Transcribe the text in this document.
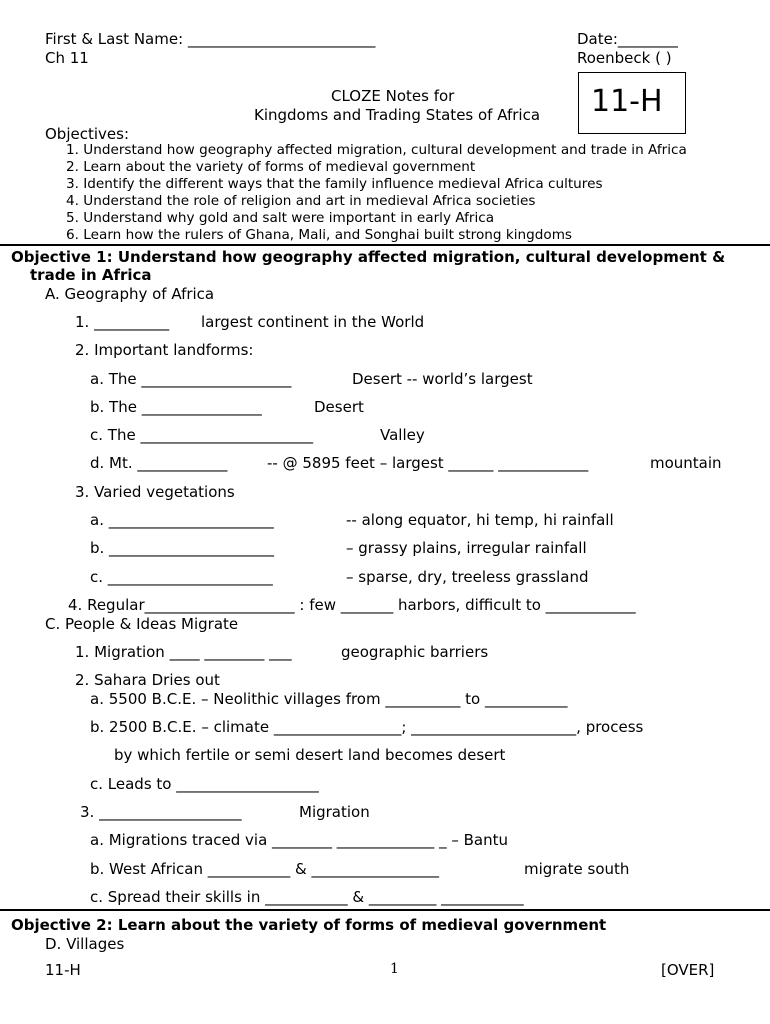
First & Last Name: _________________________	Date:________
Ch 11	Roenbeck ( )
CLOZE Notes for
Kingdoms and Trading States of Africa 11-H
Objectives:
1. Understand how geography affected migration, cultural development and trade in Africa
2. Learn about the variety of forms of medieval government
3. Identify the different ways that the family influence medieval Africa cultures
4. Understand the role of religion and art in medieval Africa societies
5. Understand why gold and salt were important in early Africa
6. Learn how the rulers of Ghana, Mali, and Songhai built strong kingdoms
Objective 1: Understand how geography affected migration, cultural development &
trade in Africa
A. Geography of Africa
1. __________ largest continent in the World
2. Important landforms:
a. The ____________________	Desert -- world’s largest
b. The ________________	Desert
c. The _______________________	Valley
d. Mt. ____________	-- @ 5895 feet – largest ______ ____________	mountain
3. Varied vegetations
a. ______________________	-- along equator, hi temp, hi rainfall
b. ______________________	– grassy plains, irregular rainfall
c. ______________________	– sparse, dry, treeless grassland
4. Regular____________________ : few _______ harbors, difficult to ____________
C. People & Ideas Migrate
1. Migration ____ ________ ___	geographic barriers
2. Sahara Dries out
a. 5500 B.C.E. – Neolithic villages from __________ to ___________
b. 2500 B.C.E. – climate _________________; ______________________, process
by which fertile or semi desert land becomes desert
c. Leads to ___________________
3. ___________________	Migration
a. Migrations traced via ________ _____________ _ – Bantu
b. West African ___________ & _________________	migrate south
c. Spread their skills in ___________ & _________ ___________
Objective 2: Learn about the variety of forms of medieval government
D. Villages
11-H	1	[OVER]
